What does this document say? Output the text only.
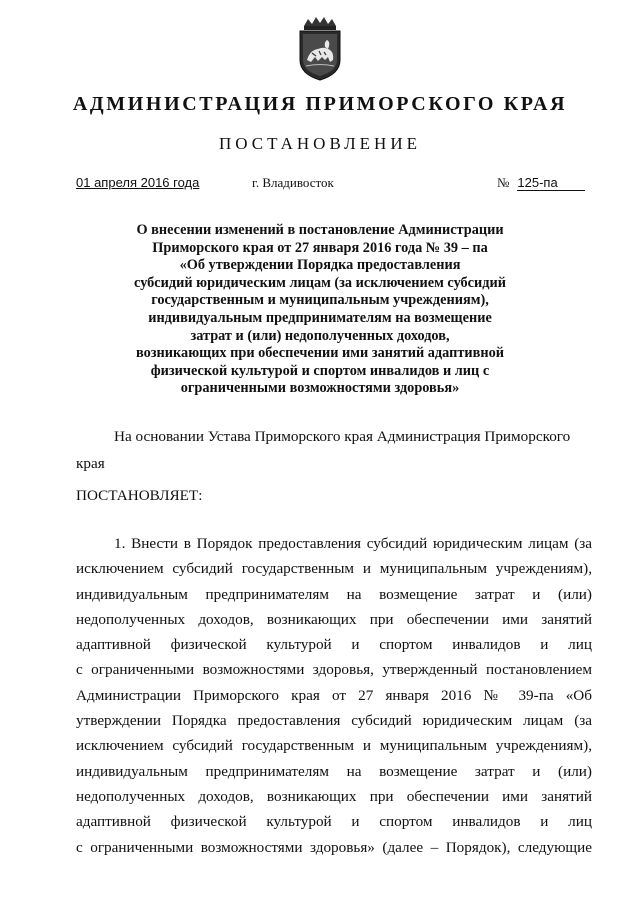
АДМИНИСТРАЦИЯ ПРИМОРСКОГО КРАЯ
ПОСТАНОВЛЕНИЕ
01 апреля 2016 года	г. Владивосток	№ 125-па
О внесении изменений в постановление Администрации
Приморского края от 27 января 2016 года № 39 – па
«Об утверждении Порядка предоставления
субсидий юридическим лицам (за исключением субсидий
государственным и муниципальным учреждениям),
индивидуальным предпринимателям на возмещение
затрат и (или) недополученных доходов,
возникающих при обеспечении ими занятий адаптивной
физической культурой и спортом инвалидов и лиц с
ограниченными возможностями здоровья»
На основании Устава Приморского края Администрация Приморского
края
ПОСТАНОВЛЯЕТ:
1. Внести в Порядок предоставления субсидий юридическим лицам (за
исключением субсидий государственным и муниципальным учреждениям),
индивидуальным предпринимателям на возмещение затрат и (или)
недополученных доходов, возникающих при обеспечении ими занятий
адаптивной физической культурой и спортом инвалидов и лиц
с ограниченными возможностями здоровья, утвержденный постановлением
Администрации Приморского края от 27 января 2016 № 39-па «Об
утверждении Порядка предоставления субсидий юридическим лицам (за
исключением субсидий государственным и муниципальным учреждениям),
индивидуальным предпринимателям на возмещение затрат и (или)
недополученных доходов, возникающих при обеспечении ими занятий
адаптивной физической культурой и спортом инвалидов и лиц
с ограниченными возможностями здоровья» (далее – Порядок), следующие
